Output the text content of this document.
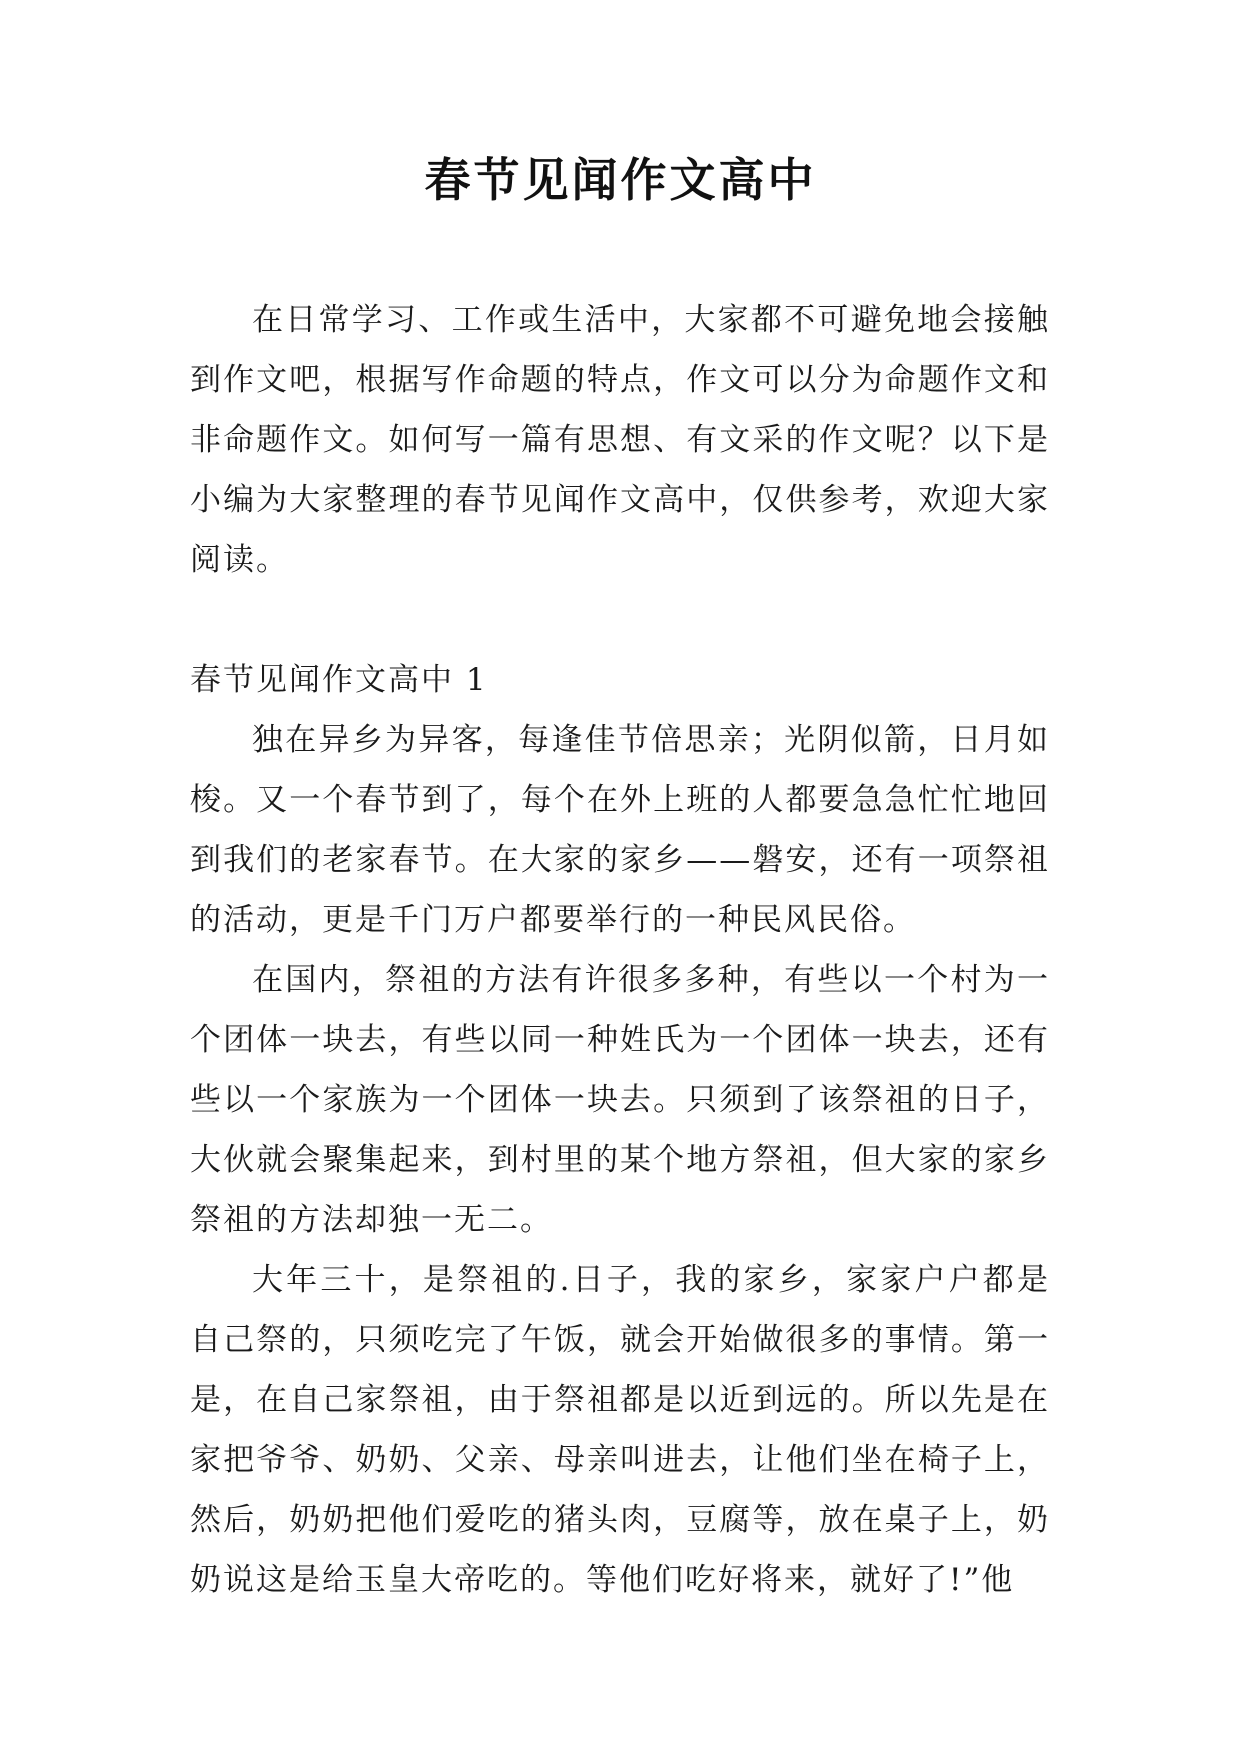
春节见闻作文高中

在日常学习、工作或生活中，大家都不可避免地会接触到作文吧，根据写作命题的特点，作文可以分为命题作文和非命题作文。如何写一篇有思想、有文采的作文呢？以下是小编为大家整理的春节见闻作文高中，仅供参考，欢迎大家阅读。

春节见闻作文高中 1

独在异乡为异客，每逢佳节倍思亲；光阴似箭，日月如梭。又一个春节到了，每个在外上班的人都要急急忙忙地回到我们的老家春节。在大家的家乡——磐安，还有一项祭祖的活动，更是千门万户都要举行的一种民风民俗。

在国内，祭祖的方法有许很多多种，有些以一个村为一个团体一块去，有些以同一种姓氏为一个团体一块去，还有些以一个家族为一个团体一块去。只须到了该祭祖的日子，大伙就会聚集起来，到村里的某个地方祭祖，但大家的家乡祭祖的方法却独一无二。

大年三十，是祭祖的.日子，我的家乡，家家户户都是自己祭的，只须吃完了午饭，就会开始做很多的事情。第一是，在自己家祭祖，由于祭祖都是以近到远的。所以先是在家把爷爷、奶奶、父亲、母亲叫进去，让他们坐在椅子上，然后，奶奶把他们爱吃的猪头肉，豆腐等，放在桌子上，奶奶说这是给玉皇大帝吃的。等他们吃好将来，就好了!”他
